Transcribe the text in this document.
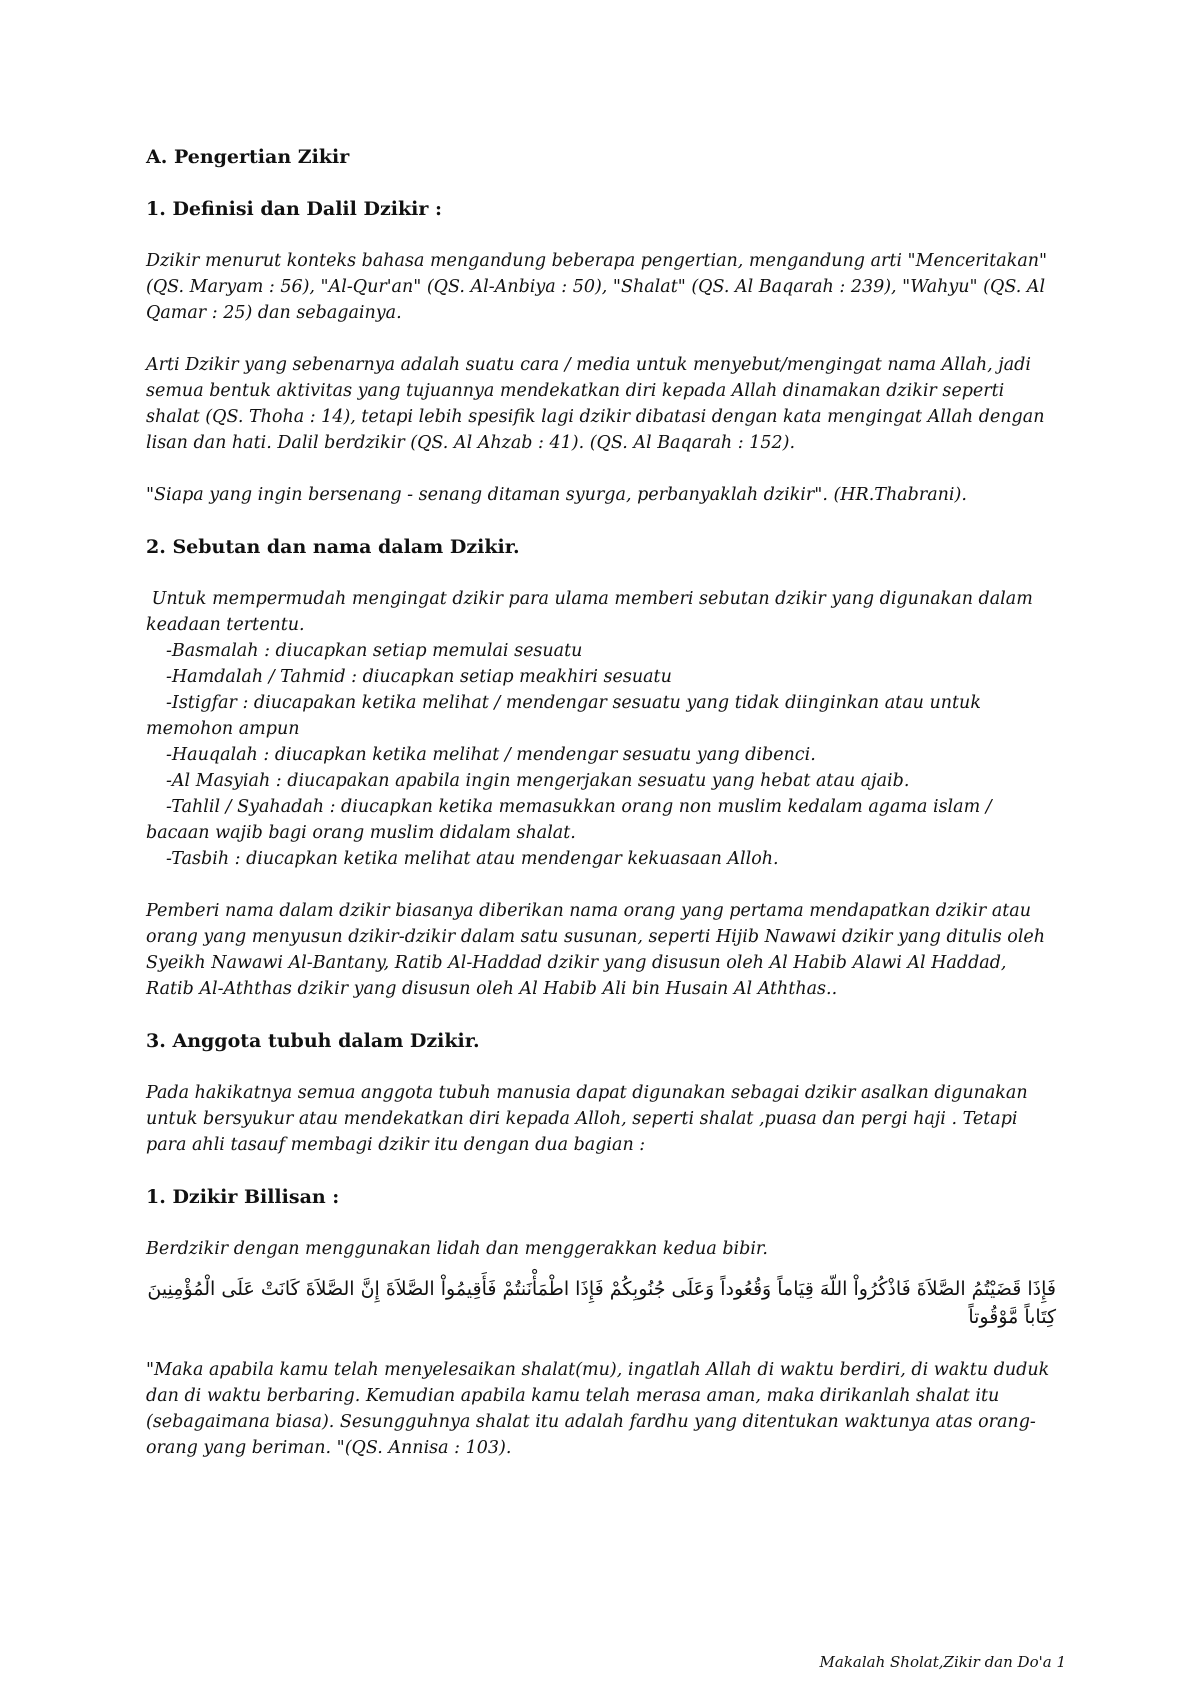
A. Pengertian Zikir

1. Definisi dan Dalil Dzikir :

Dzikir menurut konteks bahasa mengandung beberapa pengertian, mengandung arti "Menceritakan" (QS. Maryam : 56), "Al-Qur'an" (QS. Al-Anbiya : 50), "Shalat" (QS. Al Baqarah : 239), "Wahyu" (QS. Al Qamar : 25) dan sebagainya.

Arti Dzikir yang sebenarnya adalah suatu cara / media untuk menyebut/mengingat nama Allah, jadi semua bentuk aktivitas yang tujuannya mendekatkan diri kepada Allah dinamakan dzikir seperti shalat (QS. Thoha : 14), tetapi lebih spesifik lagi dzikir dibatasi dengan kata mengingat Allah dengan lisan dan hati. Dalil berdzikir (QS. Al Ahzab : 41). (QS. Al Baqarah : 152).

"Siapa yang ingin bersenang - senang ditaman syurga, perbanyaklah dzikir". (HR.Thabrani).

2. Sebutan dan nama dalam Dzikir.

Untuk mempermudah mengingat dzikir para ulama memberi sebutan dzikir yang digunakan dalam keadaan tertentu.

-Basmalah : diucapkan setiap memulai sesuatu

-Hamdalah / Tahmid : diucapkan setiap meakhiri sesuatu

-Istigfar : diucapakan ketika melihat / mendengar sesuatu yang tidak diinginkan atau untuk memohon ampun

-Hauqalah : diucapkan ketika melihat / mendengar sesuatu yang dibenci.

-Al Masyiah : diucapakan apabila ingin mengerjakan sesuatu yang hebat atau ajaib.

-Tahlil / Syahadah : diucapkan ketika memasukkan orang non muslim kedalam agama islam / bacaan wajib bagi orang muslim didalam shalat.

-Tasbih : diucapkan ketika melihat atau mendengar kekuasaan Alloh.

Pemberi nama dalam dzikir biasanya diberikan nama orang yang pertama mendapatkan dzikir atau orang yang menyusun dzikir-dzikir dalam satu susunan, seperti Hijib Nawawi dzikir yang ditulis oleh Syeikh Nawawi Al-Bantany, Ratib Al-Haddad dzikir yang disusun oleh Al Habib Alawi Al Haddad, Ratib Al-Aththas dzikir yang disusun oleh Al Habib Ali bin Husain Al Aththas..

3. Anggota tubuh dalam Dzikir.

Pada hakikatnya semua anggota tubuh manusia dapat digunakan sebagai dzikir asalkan digunakan untuk bersyukur atau mendekatkan diri kepada Alloh, seperti shalat ,puasa dan pergi haji . Tetapi para ahli tasauf membagi dzikir itu dengan dua bagian :

1. Dzikir Billisan :

Berdzikir dengan menggunakan lidah dan menggerakkan kedua bibir.

فَإِذَا قَضَيْتُمُ الصَّلاَةَ فَاذْكُرُواْ اللّهَ قِيَاماً وَقُعُوداً وَعَلَى جُنُوبِكُمْ فَإِذَا اطْمَأْنَنتُمْ فَأَقِيمُواْ الصَّلاَةَ إِنَّ الصَّلاَةَ كَانَتْ عَلَى الْمُؤْمِنِينَ كِتَاباً مَّوْقُوتاً

"Maka apabila kamu telah menyelesaikan shalat(mu), ingatlah Allah di waktu berdiri, di waktu duduk dan di waktu berbaring. Kemudian apabila kamu telah merasa aman, maka dirikanlah shalat itu (sebagaimana biasa). Sesungguhnya shalat itu adalah fardhu yang ditentukan waktunya atas orang-orang yang beriman. "(QS. Annisa : 103).

Makalah Sholat,Zikir dan Do'a 1
